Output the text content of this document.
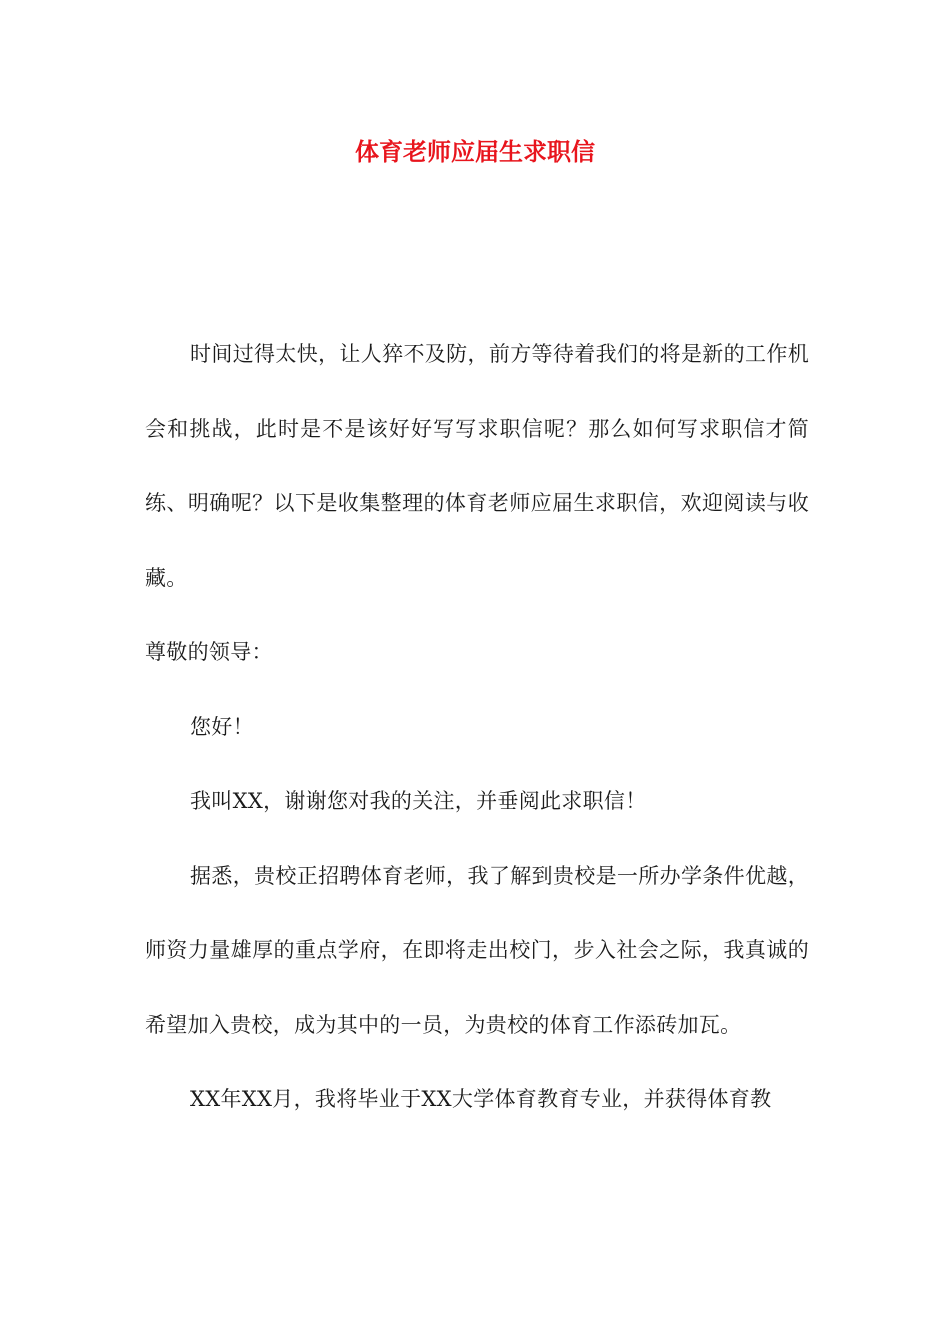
体育老师应届生求职信

时间过得太快，让人猝不及防，前方等待着我们的将是新的工作机会和挑战，此时是不是该好好写写求职信呢？那么如何写求职信才简练、明确呢？以下是收集整理的体育老师应届生求职信，欢迎阅读与收藏。

尊敬的领导：

您好！

我叫XX，谢谢您对我的关注，并垂阅此求职信！

据悉，贵校正招聘体育老师，我了解到贵校是一所办学条件优越，师资力量雄厚的重点学府，在即将走出校门，步入社会之际，我真诚的希望加入贵校，成为其中的一员，为贵校的体育工作添砖加瓦。

XX年XX月，我将毕业于XX大学体育教育专业，并获得体育教
